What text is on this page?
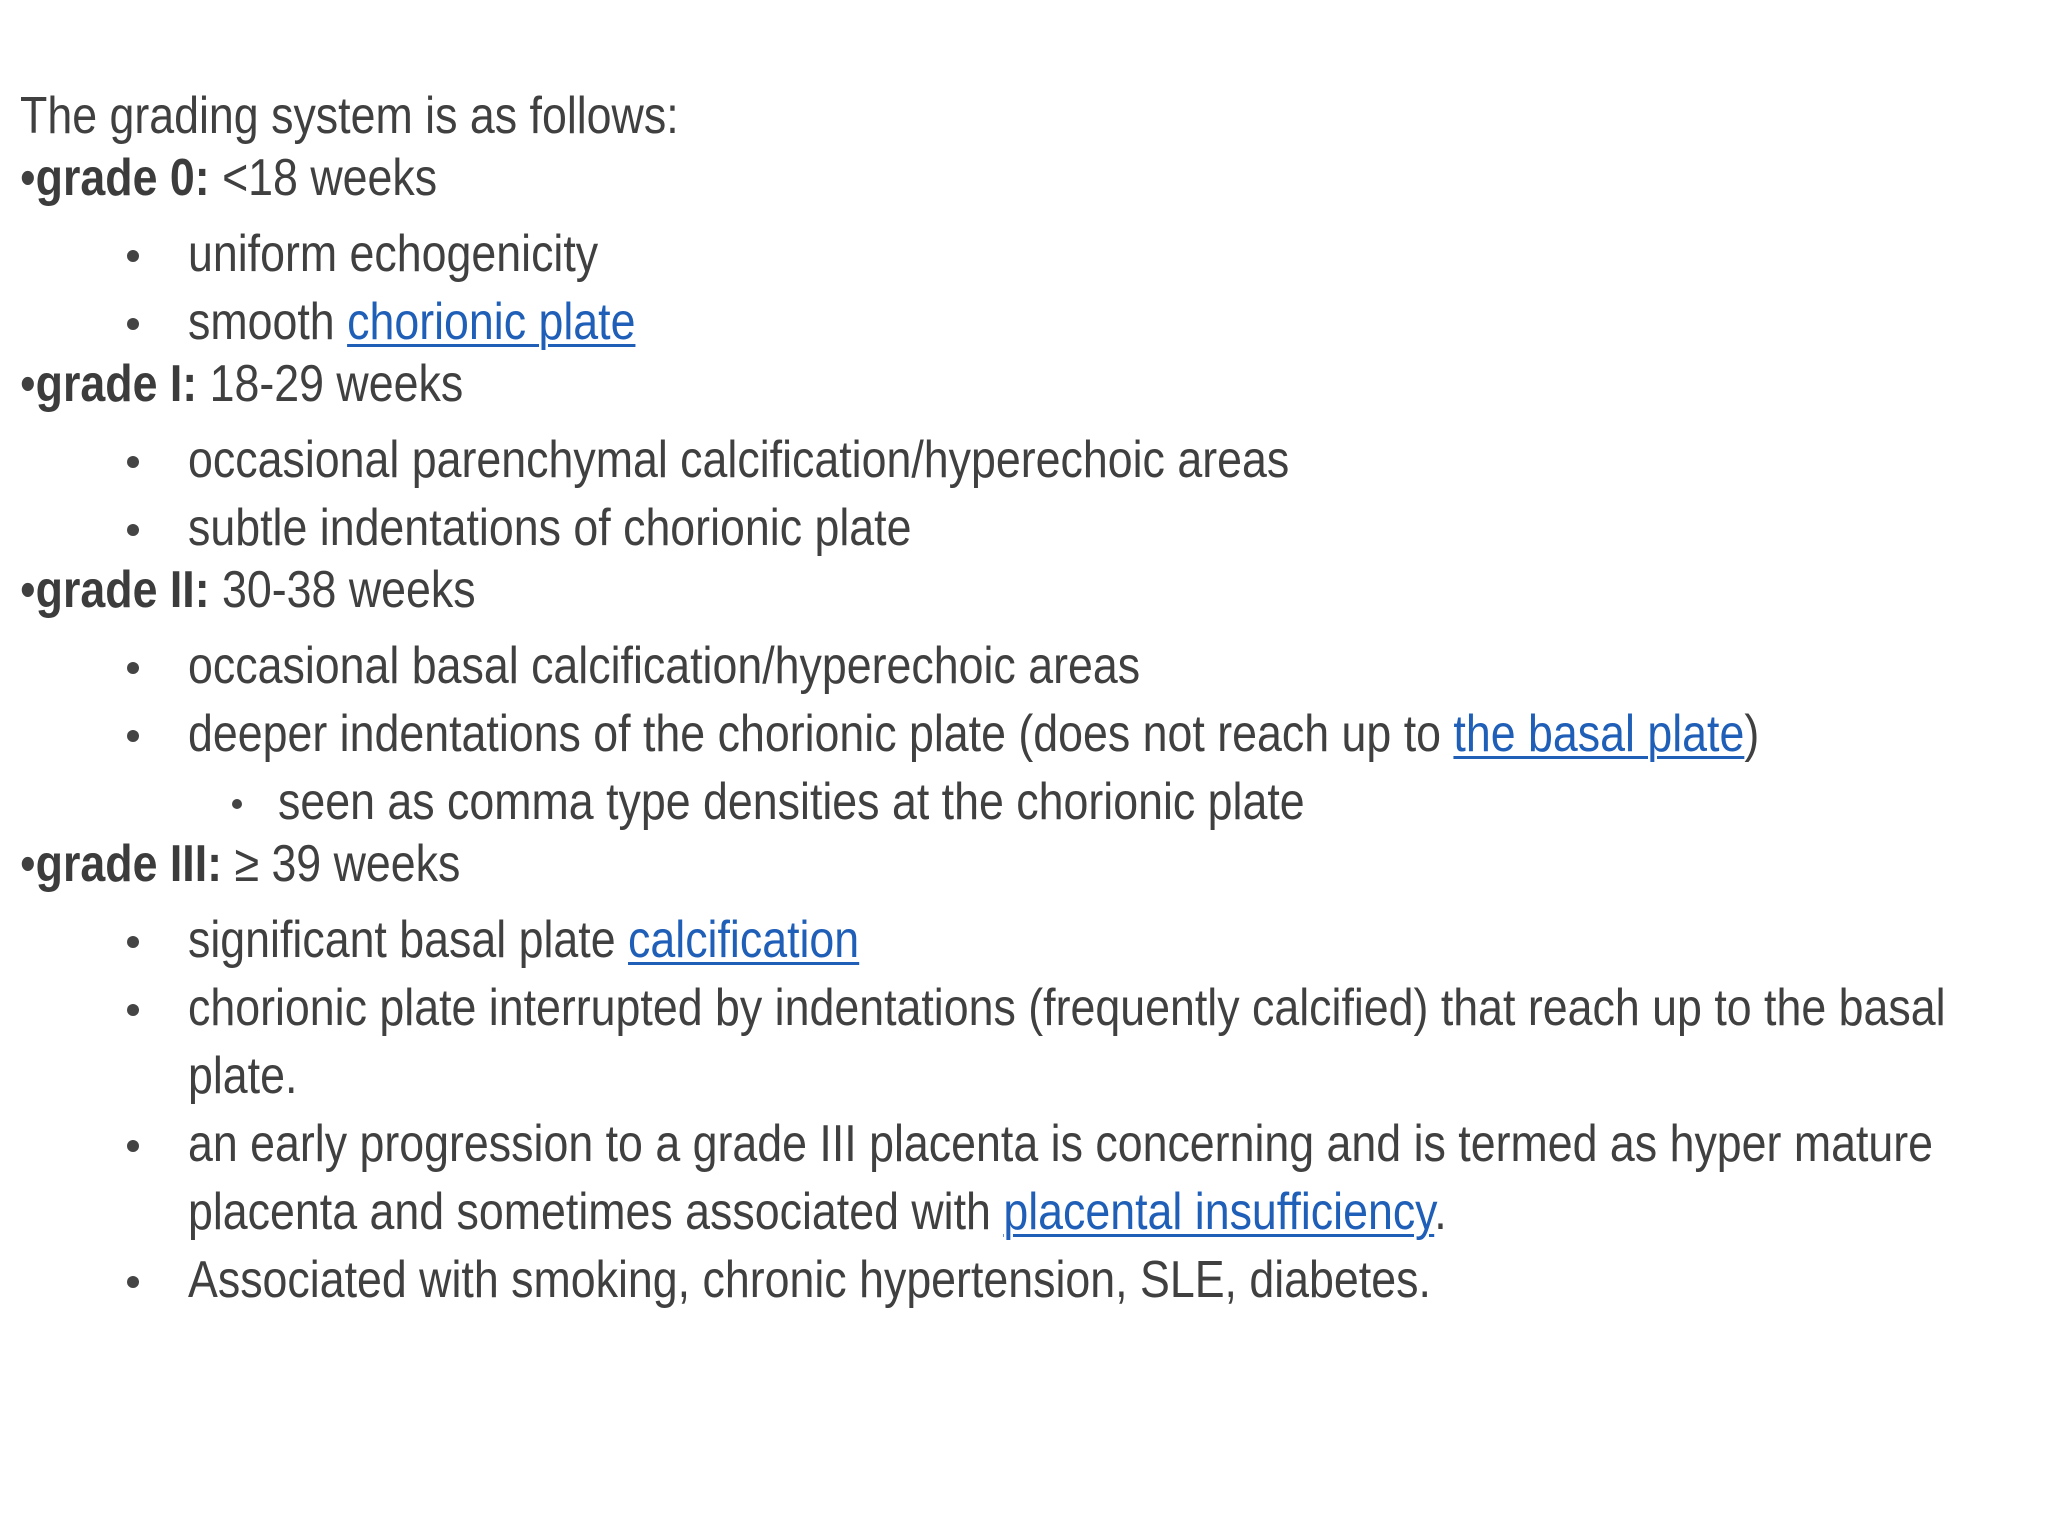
The grading system is as follows:
•grade 0: <18 weeks
uniform echogenicity
smooth chorionic plate
•grade I: 18-29 weeks
occasional parenchymal calcification/hyperechoic areas
subtle indentations of chorionic plate
•grade II: 30-38 weeks
occasional basal calcification/hyperechoic areas
deeper indentations of the chorionic plate (does not reach up to the basal plate)
seen as comma type densities at the chorionic plate
•grade III: ≥ 39 weeks
significant basal plate calcification
chorionic plate interrupted by indentations (frequently calcified) that reach up to the basal
plate.
an early progression to a grade III placenta is concerning and is termed as hyper mature
placenta and sometimes associated with placental insufficiency.
Associated with smoking, chronic hypertension, SLE, diabetes.
